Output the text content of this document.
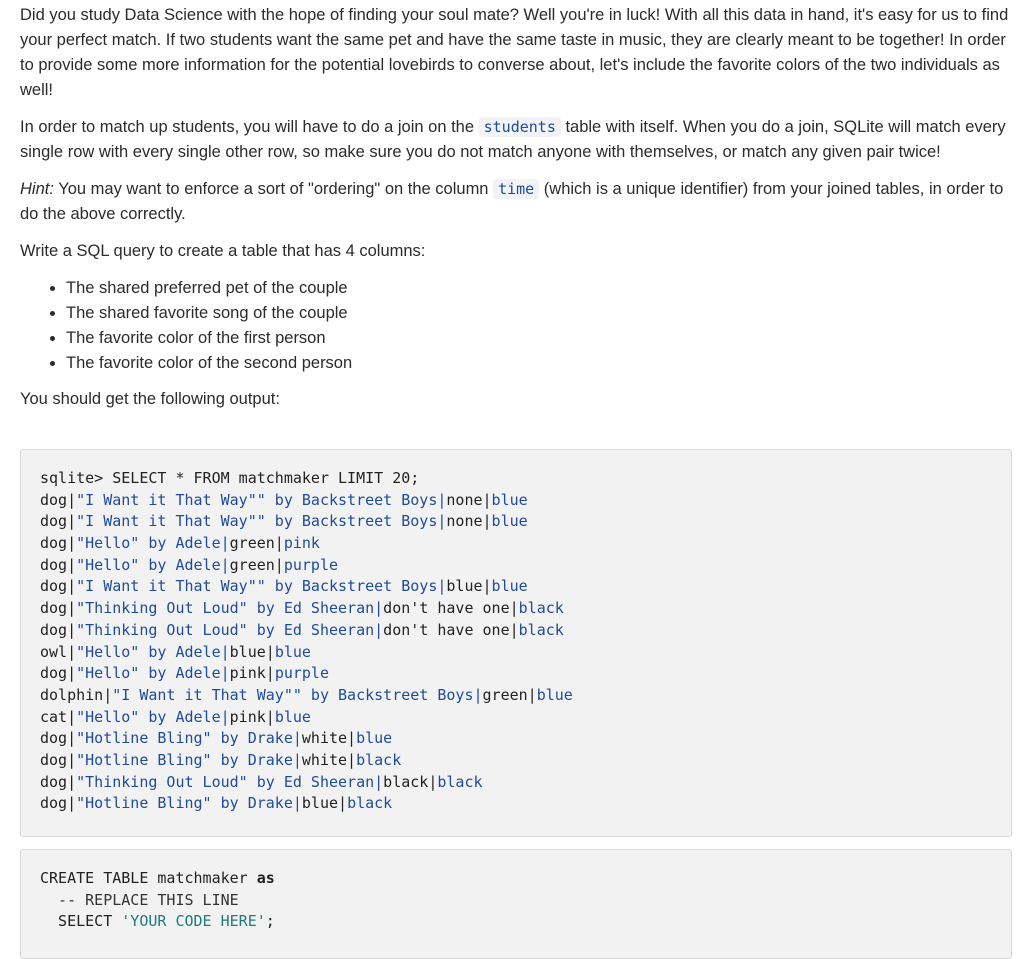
Did you study Data Science with the hope of finding your soul mate? Well you're in luck! With all this data in hand, it's easy for us to find your perfect match. If two students want the same pet and have the same taste in music, they are clearly meant to be together! In order to provide some more information for the potential lovebirds to converse about, let's include the favorite colors of the two individuals as well!

In order to match up students, you will have to do a join on the students table with itself. When you do a join, SQLite will match every single row with every single other row, so make sure you do not match anyone with themselves, or match any given pair twice!

Hint: You may want to enforce a sort of "ordering" on the column time (which is a unique identifier) from your joined tables, in order to do the above correctly.

Write a SQL query to create a table that has 4 columns:

• The shared preferred pet of the couple
• The shared favorite song of the couple
• The favorite color of the first person
• The favorite color of the second person

You should get the following output:

sqlite> SELECT * FROM matchmaker LIMIT 20;
dog|"I Want it That Way"" by Backstreet Boys|none|blue
dog|"I Want it That Way"" by Backstreet Boys|none|blue
dog|"Hello" by Adele|green|pink
dog|"Hello" by Adele|green|purple
dog|"I Want it That Way"" by Backstreet Boys|blue|blue
dog|"Thinking Out Loud" by Ed Sheeran|don't have one|black
dog|"Thinking Out Loud" by Ed Sheeran|don't have one|black
owl|"Hello" by Adele|blue|blue
dog|"Hello" by Adele|pink|purple
dolphin|"I Want it That Way"" by Backstreet Boys|green|blue
cat|"Hello" by Adele|pink|blue
dog|"Hotline Bling" by Drake|white|blue
dog|"Hotline Bling" by Drake|white|black
dog|"Thinking Out Loud" by Ed Sheeran|black|black
dog|"Hotline Bling" by Drake|blue|black
CREATE TABLE matchmaker as
-- REPLACE THIS LINE
SELECT 'YOUR CODE HERE';
